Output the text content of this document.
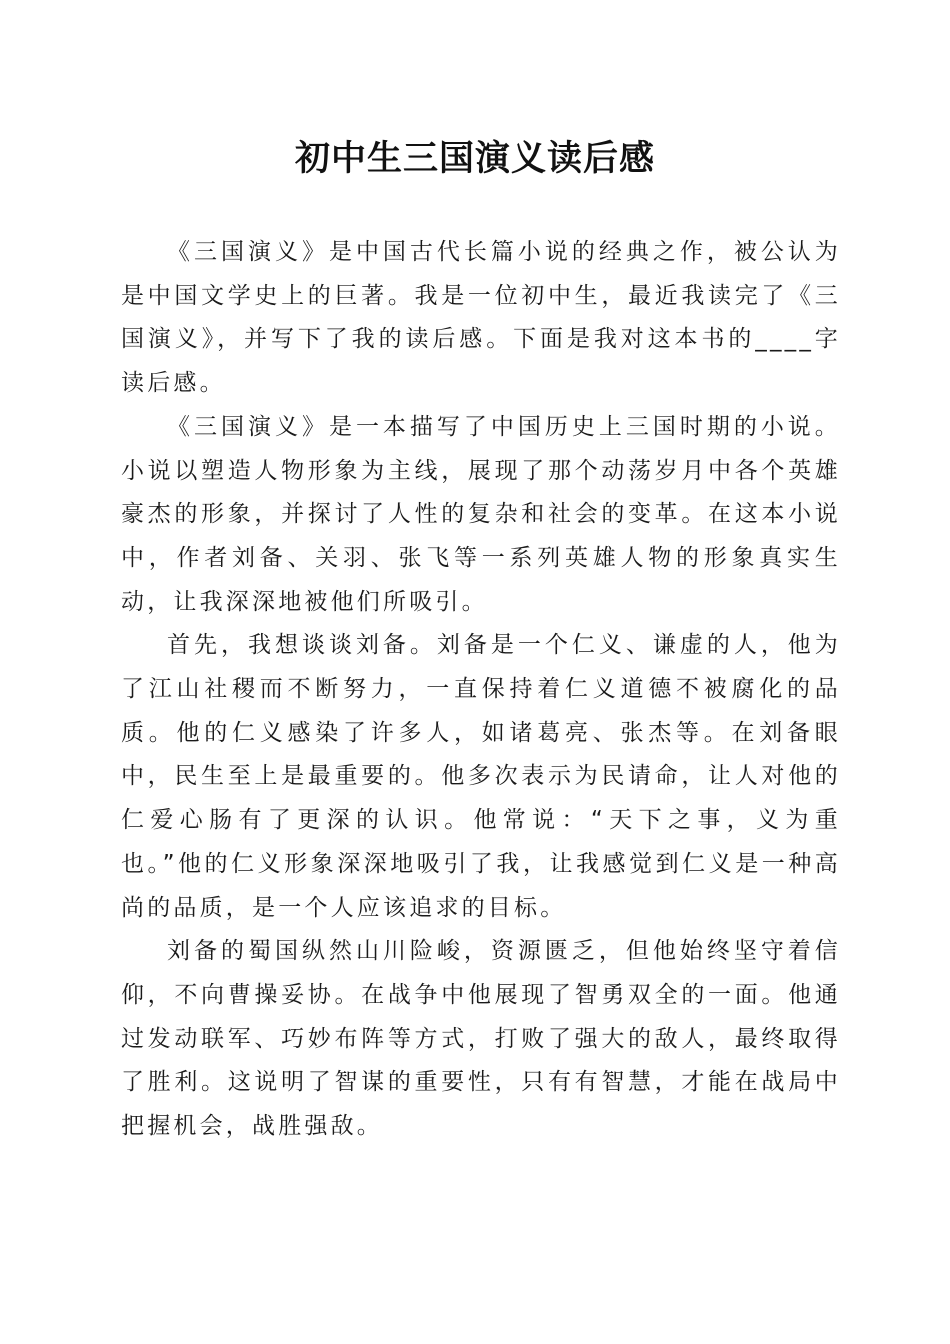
初中生三国演义读后感

《三国演义》是中国古代长篇小说的经典之作，被公认为是中国文学史上的巨著。我是一位初中生，最近我读完了《三国演义》，并写下了我的读后感。下面是我对这本书的____字读后感。

《三国演义》是一本描写了中国历史上三国时期的小说。小说以塑造人物形象为主线，展现了那个动荡岁月中各个英雄豪杰的形象，并探讨了人性的复杂和社会的变革。在这本小说中，作者刘备、关羽、张飞等一系列英雄人物的形象真实生动，让我深深地被他们所吸引。

首先，我想谈谈刘备。刘备是一个仁义、谦虚的人，他为了江山社稷而不断努力，一直保持着仁义道德不被腐化的品质。他的仁义感染了许多人，如诸葛亮、张杰等。在刘备眼中，民生至上是最重要的。他多次表示为民请命，让人对他的仁爱心肠有了更深的认识。他常说：“天下之事，义为重也。”他的仁义形象深深地吸引了我，让我感觉到仁义是一种高尚的品质，是一个人应该追求的目标。

刘备的蜀国纵然山川险峻，资源匮乏，但他始终坚守着信仰，不向曹操妥协。在战争中他展现了智勇双全的一面。他通过发动联军、巧妙布阵等方式，打败了强大的敌人，最终取得了胜利。这说明了智谋的重要性，只有有智慧，才能在战局中把握机会，战胜强敌。
